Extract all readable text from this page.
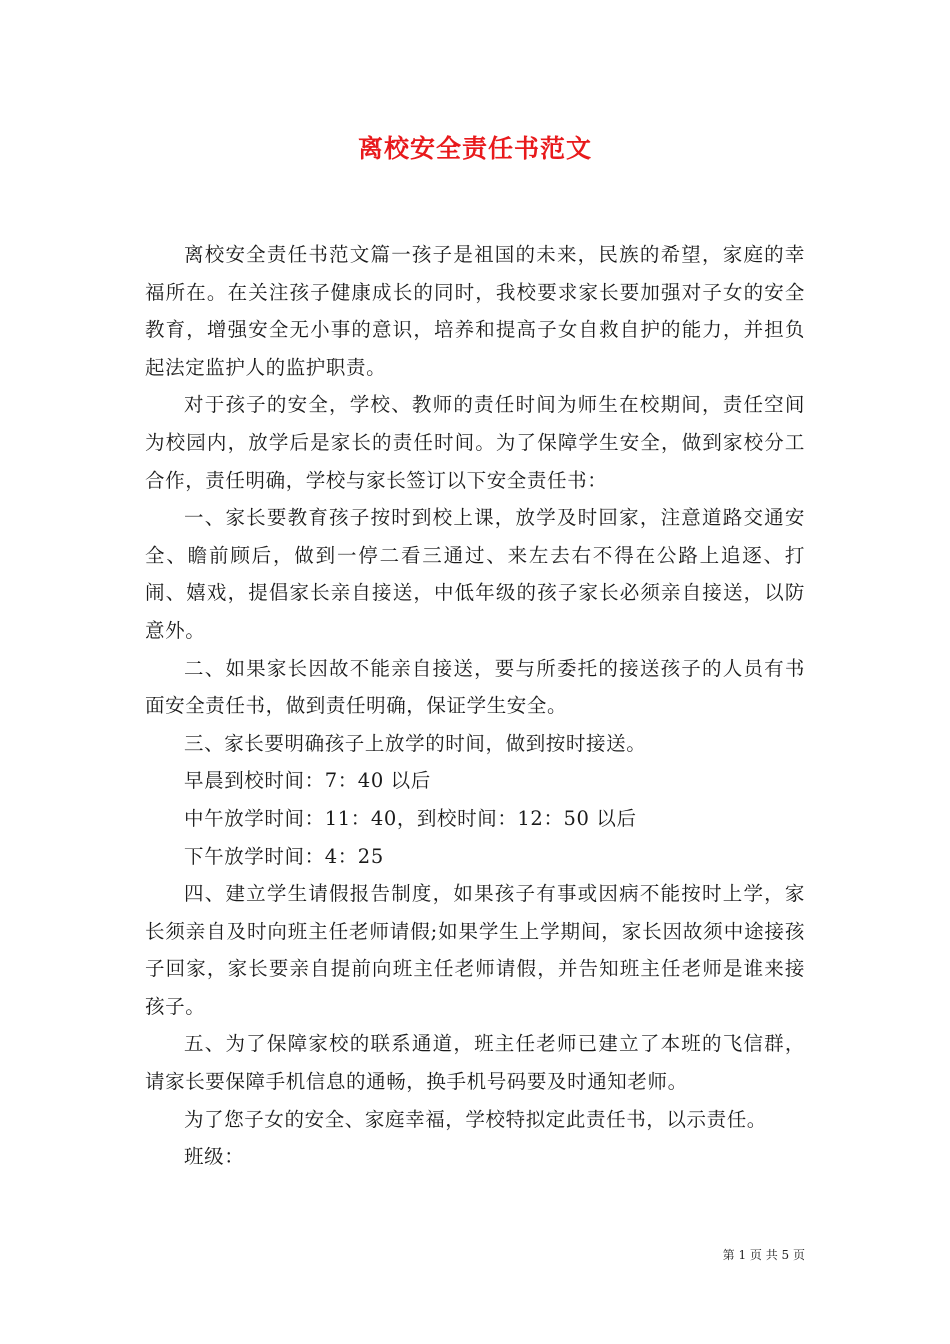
离校安全责任书范文

离校安全责任书范文篇一孩子是祖国的未来，民族的希望，家庭的幸福所在。在关注孩子健康成长的同时，我校要求家长要加强对子女的安全教育，增强安全无小事的意识，培养和提高子女自救自护的能力，并担负起法定监护人的监护职责。

对于孩子的安全，学校、教师的责任时间为师生在校期间，责任空间为校园内，放学后是家长的责任时间。为了保障学生安全，做到家校分工合作，责任明确，学校与家长签订以下安全责任书：

一、家长要教育孩子按时到校上课，放学及时回家，注意道路交通安全、瞻前顾后，做到一停二看三通过、来左去右不得在公路上追逐、打闹、嬉戏，提倡家长亲自接送，中低年级的孩子家长必须亲自接送，以防意外。

二、如果家长因故不能亲自接送，要与所委托的接送孩子的人员有书面安全责任书，做到责任明确，保证学生安全。

三、家长要明确孩子上放学的时间，做到按时接送。

早晨到校时间：7：40 以后

中午放学时间：11：40，到校时间：12：50 以后

下午放学时间：4：25

四、建立学生请假报告制度，如果孩子有事或因病不能按时上学，家长须亲自及时向班主任老师请假;如果学生上学期间，家长因故须中途接孩子回家，家长要亲自提前向班主任老师请假，并告知班主任老师是谁来接孩子。

五、为了保障家校的联系通道，班主任老师已建立了本班的飞信群，请家长要保障手机信息的通畅，换手机号码要及时通知老师。

为了您子女的安全、家庭幸福，学校特拟定此责任书，以示责任。

班级：

第 1 页 共 5 页
